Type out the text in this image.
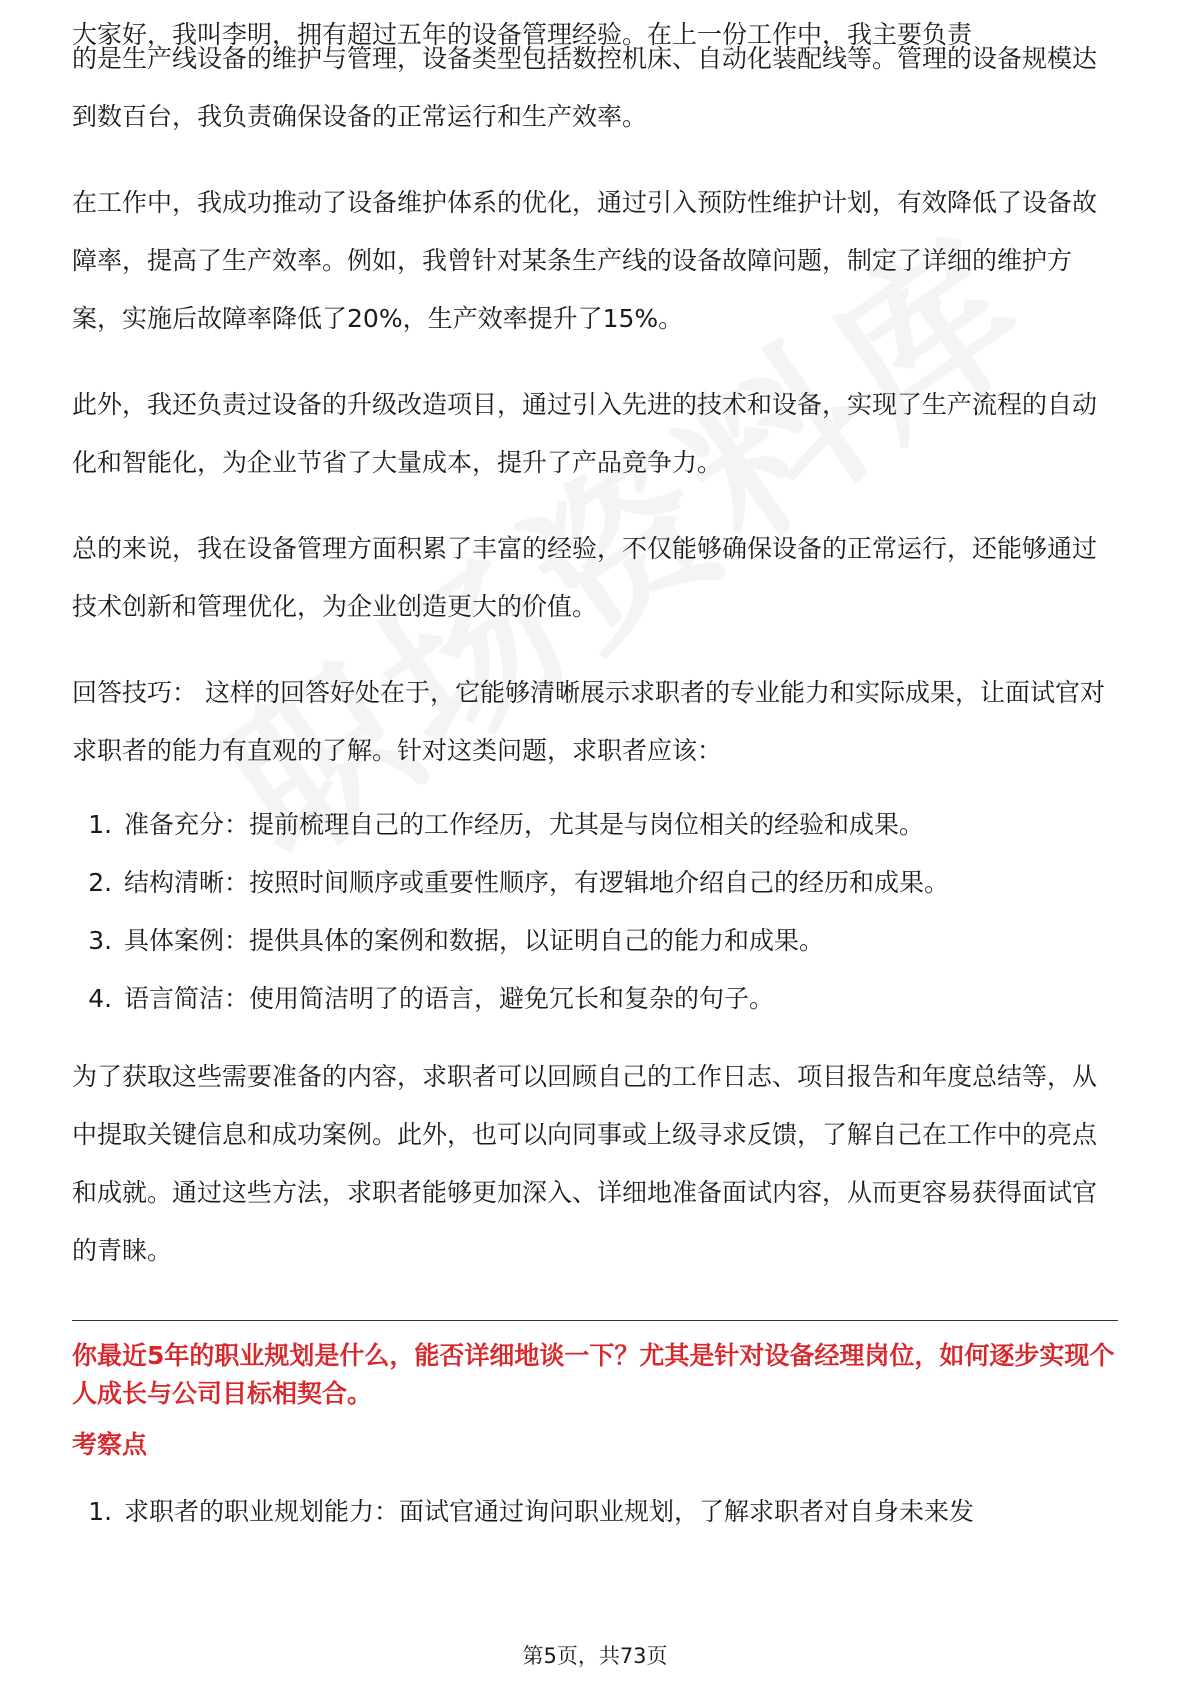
大家好，我叫李明，拥有超过五年的设备管理经验。在上一份工作中，我主要负责

的是生产线设备的维护与管理，设备类型包括数控机床、自动化装配线等。管理的设备规模达到数百台，我负责确保设备的正常运行和生产效率。

在工作中，我成功推动了设备维护体系的优化，通过引入预防性维护计划，有效降低了设备故障率，提高了生产效率。例如，我曾针对某条生产线的设备故障问题，制定了详细的维护方案，实施后故障率降低了20%，生产效率提升了15%。

此外，我还负责过设备的升级改造项目，通过引入先进的技术和设备，实现了生产流程的自动化和智能化，为企业节省了大量成本，提升了产品竞争力。

总的来说，我在设备管理方面积累了丰富的经验，不仅能够确保设备的正常运行，还能够通过技术创新和管理优化，为企业创造更大的价值。

回答技巧： 这样的回答好处在于，它能够清晰展示求职者的专业能力和实际成果，让面试官对求职者的能力有直观的了解。针对这类问题，求职者应该：

1. 准备充分：提前梳理自己的工作经历，尤其是与岗位相关的经验和成果。
2. 结构清晰：按照时间顺序或重要性顺序，有逻辑地介绍自己的经历和成果。
3. 具体案例：提供具体的案例和数据，以证明自己的能力和成果。
4. 语言简洁：使用简洁明了的语言，避免冗长和复杂的句子。

为了获取这些需要准备的内容，求职者可以回顾自己的工作日志、项目报告和年度总结等，从中提取关键信息和成功案例。此外，也可以向同事或上级寻求反馈，了解自己在工作中的亮点和成就。通过这些方法，求职者能够更加深入、详细地准备面试内容，从而更容易获得面试官的青睐。

你最近5年的职业规划是什么，能否详细地谈一下？尤其是针对设备经理岗位，如何逐步实现个人成长与公司目标相契合。

考察点
1. 求职者的职业规划能力：面试官通过询问职业规划，了解求职者对自身未来发
第5页，共73页
